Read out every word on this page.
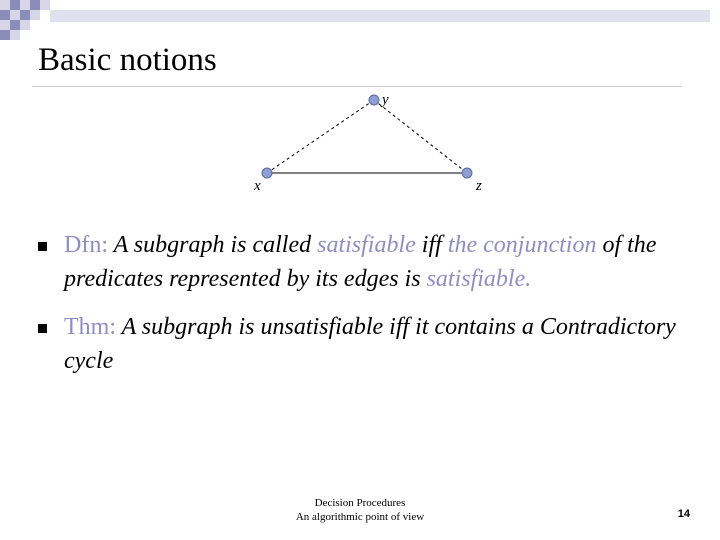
Basic notions
y
x	z
Dfn: A subgraph is called satisfiable iff the conjunction of the predicates represented by its edges is satisfiable.
Thm: A subgraph is unsatisfiable iff it contains a Contradictory cycle
Decision Procedures
An algorithmic point of view	14
